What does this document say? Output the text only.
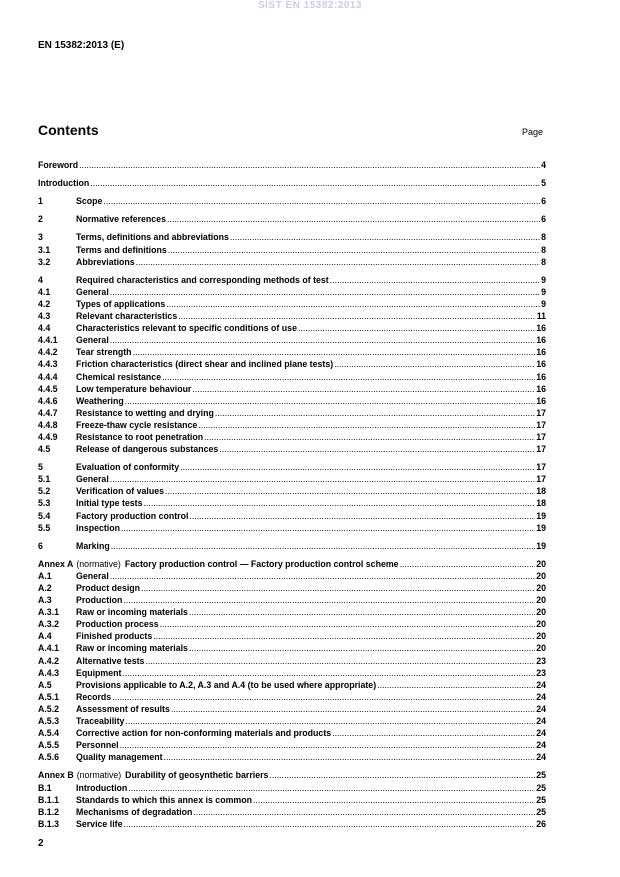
SIST EN 15382:2013
EN 15382:2013 (E)
Contents	Page
Foreword .....	4
Introduction .....	5
1	Scope .....	6
2	Normative references .....	6
3	Terms, definitions and abbreviations .....	8
3.1	Terms and definitions .....	8
3.2	Abbreviations .....	8
4	Required characteristics and corresponding methods of test .....	9
4.1	General .....	9
4.2	Types of applications .....	9
4.3	Relevant characteristics .....	11
4.4	Characteristics relevant to specific conditions of use .....	16
4.4.1	General .....	16
4.4.2	Tear strength .....	16
4.4.3	Friction characteristics (direct shear and inclined plane tests) .....	16
4.4.4	Chemical resistance .....	16
4.4.5	Low temperature behaviour .....	16
4.4.6	Weathering .....	16
4.4.7	Resistance to wetting and drying .....	17
4.4.8	Freeze-thaw cycle resistance .....	17
4.4.9	Resistance to root penetration .....	17
4.5	Release of dangerous substances .....	17
5	Evaluation of conformity .....	17
5.1	General .....	17
5.2	Verification of values .....	18
5.3	Initial type tests .....	18
5.4	Factory production control .....	19
5.5	Inspection .....	19
6	Marking .....	19
Annex A (normative) Factory production control — Factory production control scheme .....	20
A.1	General .....	20
A.2	Product design .....	20
A.3	Production .....	20
A.3.1	Raw or incoming materials .....	20
A.3.2	Production process .....	20
A.4	Finished products .....	20
A.4.1	Raw or incoming materials .....	20
A.4.2	Alternative tests .....	23
A.4.3	Equipment .....	23
A.5	Provisions applicable to A.2, A.3 and A.4 (to be used where appropriate) .....	24
A.5.1	Records .....	24
A.5.2	Assessment of results .....	24
A.5.3	Traceability .....	24
A.5.4	Corrective action for non-conforming materials and products .....	24
A.5.5	Personnel .....	24
A.5.6	Quality management .....	24
Annex B (normative) Durability of geosynthetic barriers .....	25
B.1	Introduction .....	25
B.1.1	Standards to which this annex is common .....	25
B.1.2	Mechanisms of degradation .....	25
B.1.3	Service life .....	26
2
